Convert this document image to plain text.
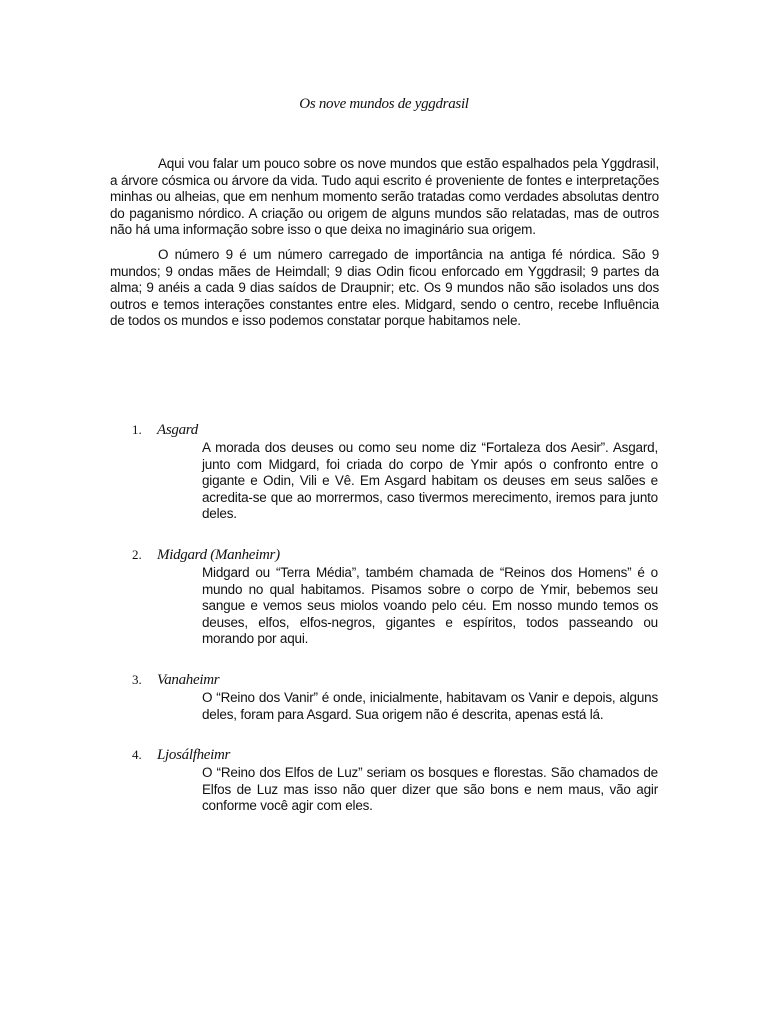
Os nove mundos de yggdrasil

Aqui vou falar um pouco sobre os nove mundos que estão espalhados pela Yggdrasil, a árvore cósmica ou árvore da vida. Tudo aqui escrito é proveniente de fontes e interpretações minhas ou alheias, que em nenhum momento serão tratadas como verdades absolutas dentro do paganismo nórdico. A criação ou origem de alguns mundos são relatadas, mas de outros não há uma informação sobre isso o que deixa no imaginário sua origem.

O número 9 é um número carregado de importância na antiga fé nórdica. São 9 mundos; 9 ondas mães de Heimdall; 9 dias Odin ficou enforcado em Yggdrasil; 9 partes da alma; 9 anéis a cada 9 dias saídos de Draupnir; etc. Os 9 mundos não são isolados uns dos outros e temos interações constantes entre eles. Midgard, sendo o centro, recebe Influência de todos os mundos e isso podemos constatar porque habitamos nele.

1.	Asgard

A morada dos deuses ou como seu nome diz “Fortaleza dos Aesir”. Asgard, junto com Midgard, foi criada do corpo de Ymir após o confronto entre o gigante e Odin, Vili e Vê. Em Asgard habitam os deuses em seus salões e acredita-se que ao morrermos, caso tivermos merecimento, iremos para junto deles.

2.	Midgard (Manheimr)

Midgard ou “Terra Média”, também chamada de “Reinos dos Homens” é o mundo no qual habitamos. Pisamos sobre o corpo de Ymir, bebemos seu sangue e vemos seus miolos voando pelo céu. Em nosso mundo temos os deuses, elfos, elfos-negros, gigantes e espíritos, todos passeando ou morando por aqui.

3.	Vanaheimr

O “Reino dos Vanir” é onde, inicialmente, habitavam os Vanir e depois, alguns deles, foram para Asgard. Sua origem não é descrita, apenas está lá.

4.	Ljosálfheimr

O “Reino dos Elfos de Luz” seriam os bosques e florestas. São chamados de Elfos de Luz mas isso não quer dizer que são bons e nem maus, vão agir conforme você agir com eles.
